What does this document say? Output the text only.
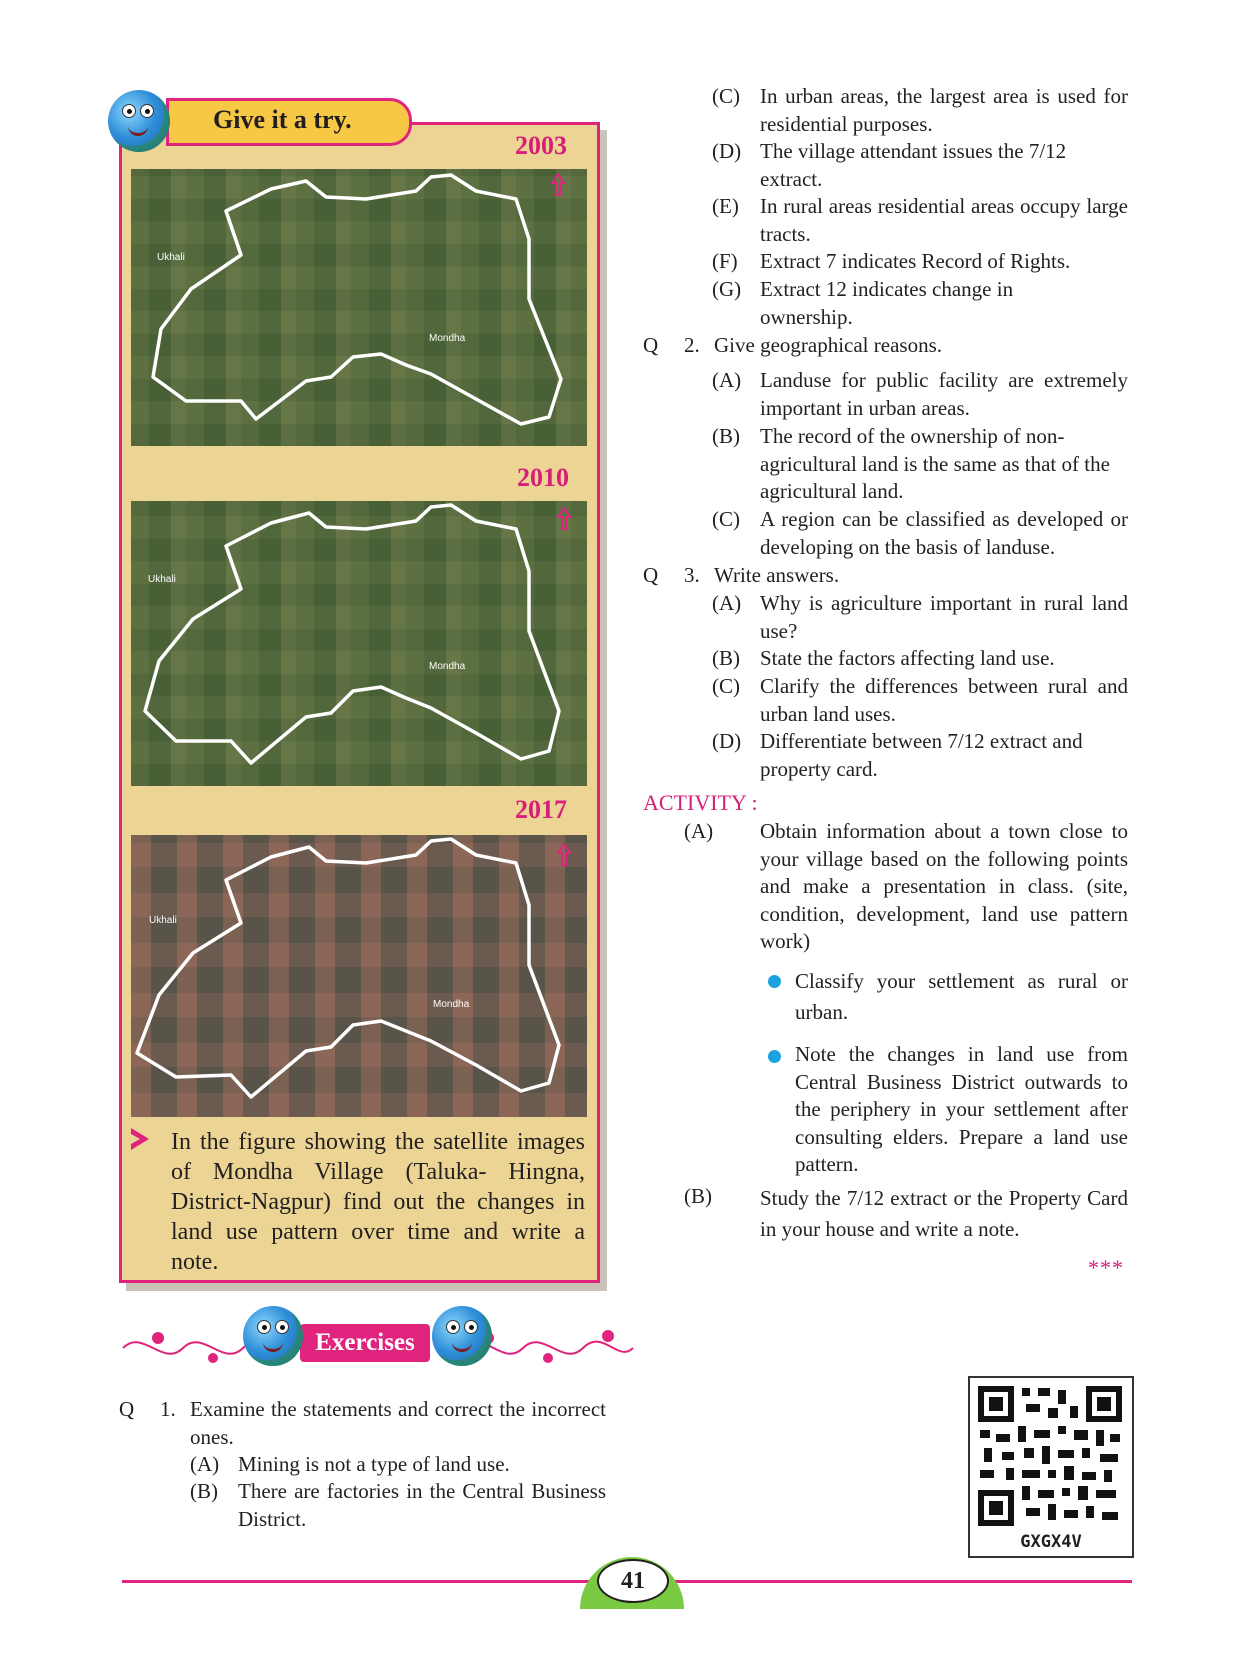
Give it a try.
2003
Ukhali
Mondha
2010
Ukhali
Mondha
2017
Ukhali
Mondha
In the figure showing the satellite images of Mondha Village (Taluka- Hingna, District-Nagpur) find out the changes in land use pattern over time and write a note.
Exercises
Q 1. Examine the statements and correct the incorrect ones.
(A) Mining is not a type of land use.
(B) There are factories in the Central Business District.
(C) In urban areas, the largest area is used for residential purposes.
(D) The village attendant issues the 7/12 extract.
(E) In rural areas residential areas occupy large tracts.
(F) Extract 7 indicates Record of Rights.
(G) Extract 12 indicates change in ownership.
Q 2. Give geographical reasons.
(A) Landuse for public facility are extremely important in urban areas.
(B) The record of the ownership of non-agricultural land is the same as that of the agricultural land.
(C) A region can be classified as developed or developing on the basis of landuse.
Q 3. Write answers.
(A) Why is agriculture important in rural land use?
(B) State the factors affecting land use.
(C) Clarify the differences between rural and urban land uses.
(D) Differentiate between 7/12 extract and property card.
ACTIVITY :
(A) Obtain information about a town close to your village based on the following points and make a presentation in class. (site, condition, development, land use pattern work)
Classify your settlement as rural or urban.
Note the changes in land use from Central Business District outwards to the periphery in your settlement after consulting elders. Prepare a land use pattern.
(B) Study the 7/12 extract or the Property Card in your house and write a note.
***
GXGX4V
41
